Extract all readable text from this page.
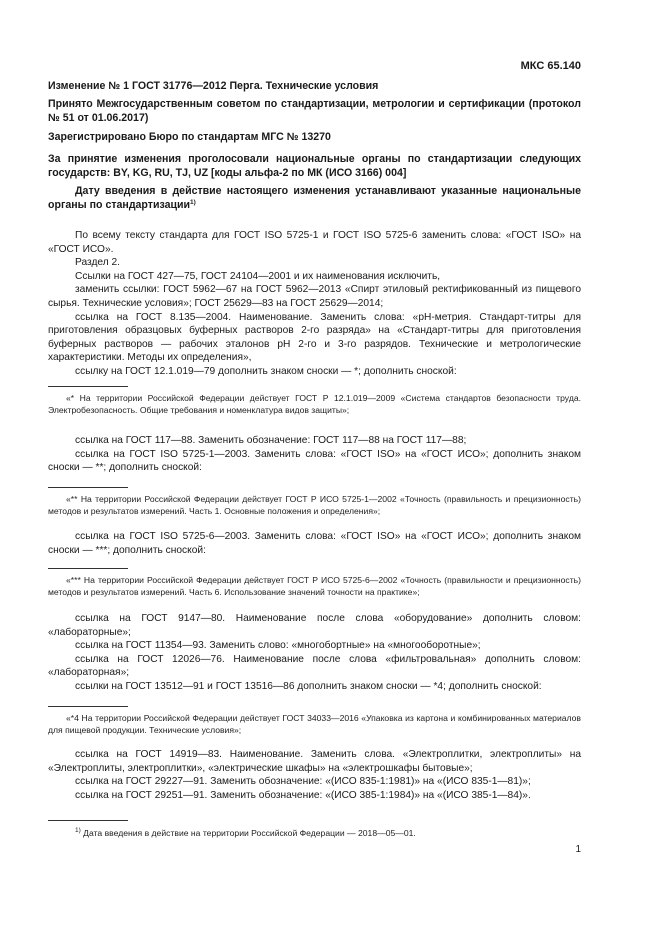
МКС 65.140

Изменение № 1 ГОСТ 31776—2012 Перга. Технические условия

Принято Межгосударственным советом по стандартизации, метрологии и сертификации (протокол № 51 от 01.06.2017)

Зарегистрировано Бюро по стандартам МГС № 13270

За принятие изменения проголосовали национальные органы по стандартизации следующих государств: BY, KG, RU, TJ, UZ [коды альфа-2 по МК (ИСО 3166) 004]

Дату введения в действие настоящего изменения устанавливают указанные национальные органы по стандартизации$^{1)}$

По всему тексту стандарта для ГОСТ ISO 5725-1 и ГОСТ ISO 5725-6 заменить слова: «ГОСТ ISO» на «ГОСТ ИСО».

Раздел 2.

Ссылки на ГОСТ 427—75, ГОСТ 24104—2001 и их наименования исключить,

заменить ссылки: ГОСТ 5962—67 на ГОСТ 5962—2013 «Спирт этиловый ректификованный из пищевого сырья. Технические условия»; ГОСТ 25629—83 на ГОСТ 25629—2014;

ссылка на ГОСТ 8.135—2004. Наименование. Заменить слова: «pH-метрия. Стандарт-титры для приготовления образцовых буферных растворов 2-го разряда» на «Стандарт-титры для приготовления буферных растворов — рабочих эталонов pH 2-го и 3-го разрядов. Технические и метрологические характеристики. Методы их определения»,

ссылку на ГОСТ 12.1.019—79 дополнить знаком сноски — *; дополнить сноской:

«* На территории Российской Федерации действует ГОСТ Р 12.1.019—2009 «Система стандартов безопасности труда. Электробезопасность. Общие требования и номенклатура видов защиты»;

ссылка на ГОСТ 117—88. Заменить обозначение: ГОСТ 117—88 на ГОСТ 117—88;

ссылка на ГОСТ ISO 5725-1—2003. Заменить слова: «ГОСТ ISO» на «ГОСТ ИСО»; дополнить знаком сноски — **; дополнить сноской:

«** На территории Российской Федерации действует ГОСТ Р ИСО 5725-1—2002 «Точность (правильность и прецизионность) методов и результатов измерений. Часть 1. Основные положения и определения»;

ссылка на ГОСТ ISO 5725-6—2003. Заменить слова: «ГОСТ ISO» на «ГОСТ ИСО»; дополнить знаком сноски — ***; дополнить сноской:

«*** На территории Российской Федерации действует ГОСТ Р ИСО 5725-6—2002 «Точность (правильности и прецизионность) методов и результатов измерений. Часть 6. Использование значений точности на практике»;

ссылка на ГОСТ 9147—80. Наименование после слова «оборудование» дополнить словом: «лабораторные»;

ссылка на ГОСТ 11354—93. Заменить слово: «многобортные» на «многооборотные»;

ссылка на ГОСТ 12026—76. Наименование после слова «фильтровальная» дополнить словом: «лабораторная»;

ссылки на ГОСТ 13512—91 и ГОСТ 13516—86 дополнить знаком сноски — *4; дополнить сноской:

«*4 На территории Российской Федерации действует ГОСТ 34033—2016 «Упаковка из картона и комбинированных материалов для пищевой продукции. Технические условия»;

ссылка на ГОСТ 14919—83. Наименование. Заменить слова. «Электроплитки, электроплиты» на «Электроплиты, электроплитки», «электрические шкафы» на «электрошкафы бытовые»;

ссылка на ГОСТ 29227—91. Заменить обозначение: «(ИСО 835-1:1981)» на «(ИСО 835-1—81)»;

ссылка на ГОСТ 29251—91. Заменить обозначение: «(ИСО 385-1:1984)» на «(ИСО 385-1—84)».

$^{1)}$ Дата введения в действие на территории Российской Федерации — 2018—05—01.

1
